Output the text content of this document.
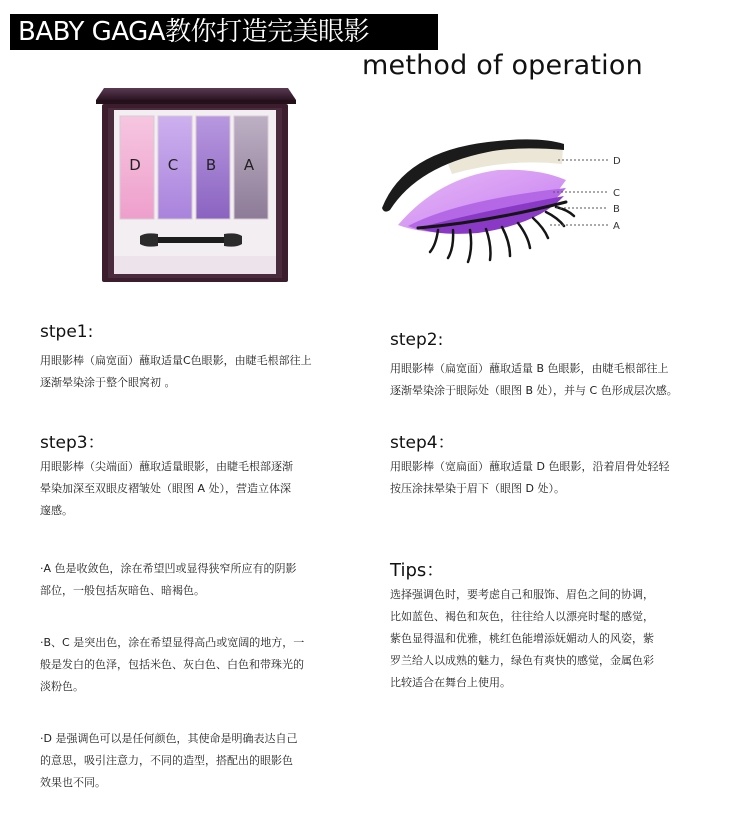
BABY GAGA教你打造完美眼影
method of operation
D C B A	D
C
B
A
stpe1:
用眼影棒（扁宽面）蘸取适量C色眼影，由睫毛根部往上
逐渐晕染涂于整个眼窝初 。
step2:
用眼影棒（扁宽面）蘸取适量 B 色眼影，由睫毛根部往上
逐渐晕染涂于眼际处（眼图 B 处），并与 C 色形成层次感。
step3：
用眼影棒（尖端面）蘸取适量眼影，由睫毛根部逐渐
晕染加深至双眼皮褶皱处（眼图 A 处），营造立体深
邃感。
step4：
用眼影棒（宽扁面）蘸取适量 D 色眼影，沿着眉骨处轻轻
按压涂抹晕染于眉下（眼图 D 处）。
·A 色是收敛色，涂在希望凹或显得狭窄所应有的阴影
部位，一般包括灰暗色、暗褐色。
·B、C 是突出色，涂在希望显得高凸或宽阔的地方，一
般是发白的色泽，包括米色、灰白色、白色和带珠光的
淡粉色。
·D 是强调色可以是任何颜色，其使命是明确表达自己
的意思，吸引注意力，不同的造型，搭配出的眼影色
效果也不同。
Tips：
选择强调色时，要考虑自己和服饰、眉色之间的协调，
比如蓝色、褐色和灰色，往往给人以漂亮时髦的感觉，
紫色显得温和优雅，桃红色能增添妩媚动人的风姿，紫
罗兰给人以成熟的魅力，绿色有爽快的感觉，金属色彩
比较适合在舞台上使用。
